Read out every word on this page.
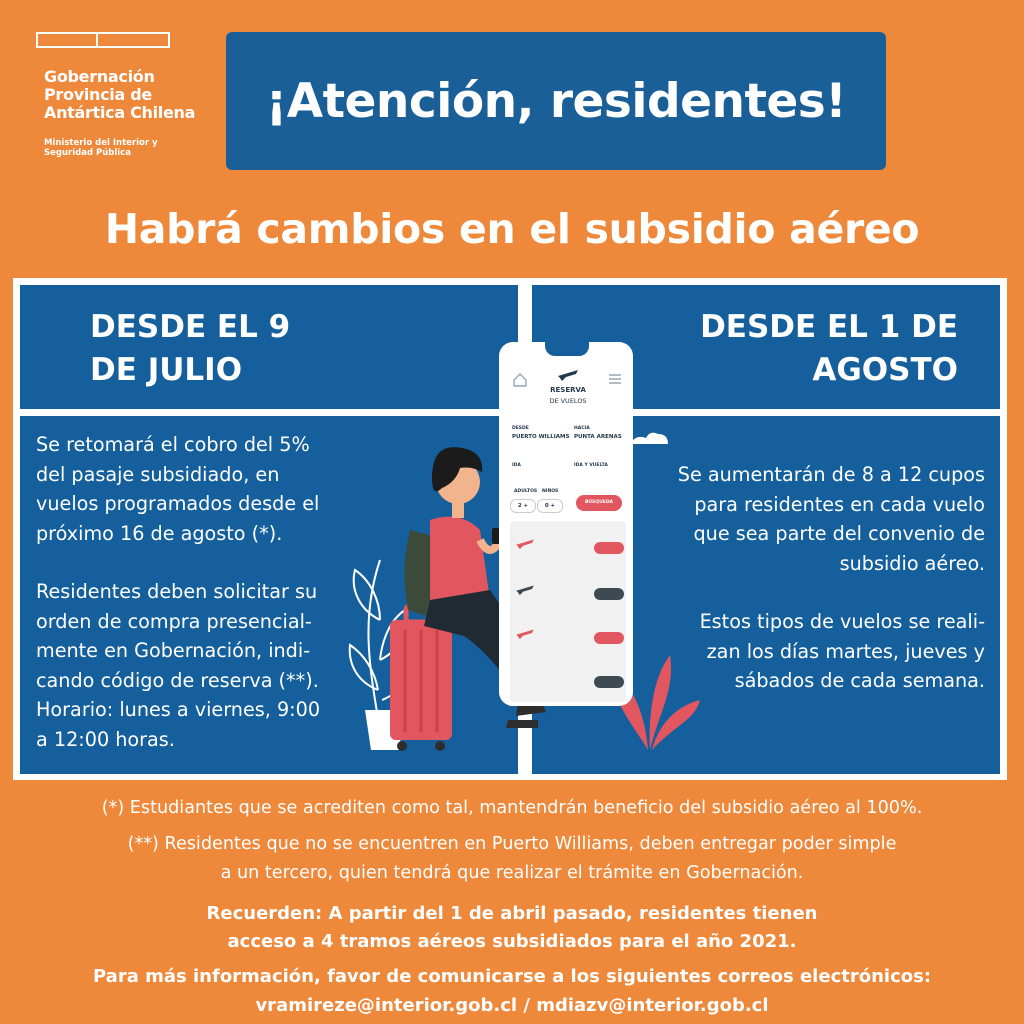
Gobernación
Provincia de
Antártica Chilena
Ministerio del Interior y
Seguridad Pública
¡Atención, residentes!
Habrá cambios en el subsidio aéreo
DESDE EL 9
DE JULIO
DESDE EL 1 DE
AGOSTO

Se retomará el cobro del 5%
del pasaje subsidiado, en
vuelos programados desde el
próximo 16 de agosto (*).

Residentes deben solicitar su
orden de compra presencial-
mente en Gobernación, indi-
cando código de reserva (**).
Horario: lunes a viernes, 9:00
a 12:00 horas.

Se aumentarán de 8 a 12 cupos
para residentes en cada vuelo
que sea parte del convenio de
subsidio aéreo.

Estos tipos de vuelos se reali-
zan los días martes, jueves y
sábados de cada semana.

RESERVA
DE VUELOS
DESDE
PUERTO WILLIAMS
HACIA
PUNTA ARENAS
IDA	IDA Y VUELTA
ADULTOS
2 +
NIÑOS
0 +
BÚSQUEDA
(*) Estudiantes que se acrediten como tal, mantendrán beneficio del subsidio aéreo al 100%.
(**) Residentes que no se encuentren en Puerto Williams, deben entregar poder simple
a un tercero, quien tendrá que realizar el trámite en Gobernación.
Recuerden: A partir del 1 de abril pasado, residentes tienen
acceso a 4 tramos aéreos subsidiados para el año 2021.
Para más información, favor de comunicarse a los siguientes correos electrónicos:
vramireze@interior.gob.cl / mdiazv@interior.gob.cl
